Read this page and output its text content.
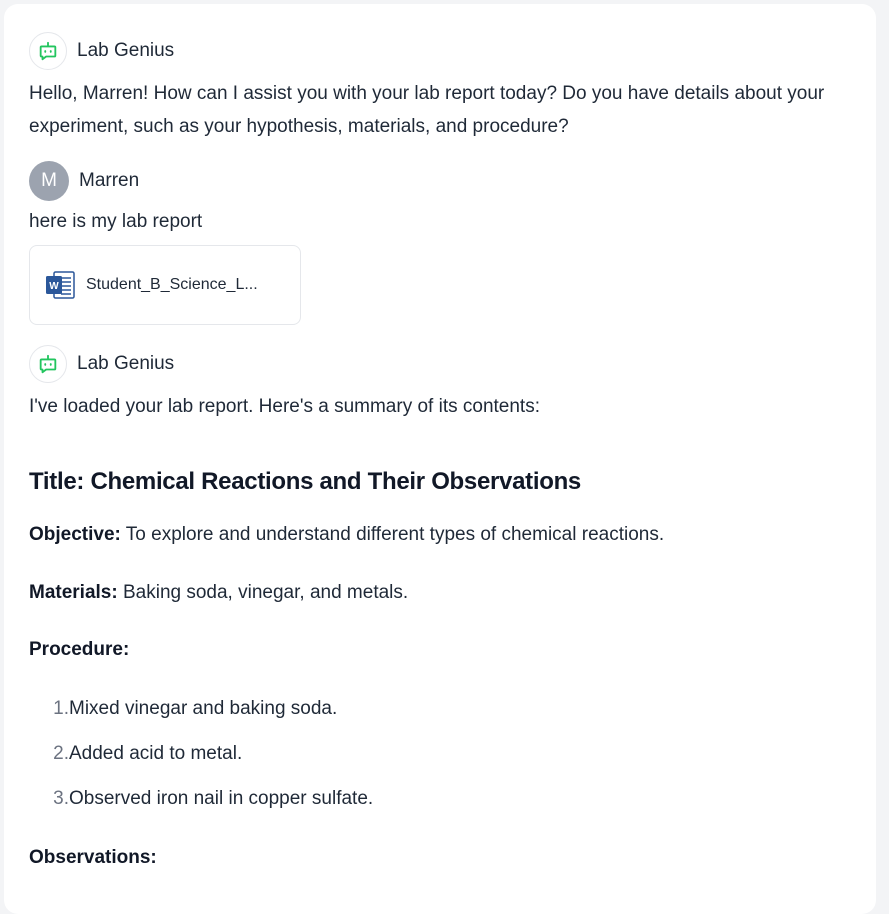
Lab Genius
Hello, Marren! How can I assist you with your lab report today? Do you have details about your experiment, such as your hypothesis, materials, and procedure?
M	Marren
here is my lab report
W Student_B_Science_L...
Lab Genius
I've loaded your lab report. Here's a summary of its contents:
Title: Chemical Reactions and Their Observations
Objective: To explore and understand different types of chemical reactions.
Materials: Baking soda, vinegar, and metals.
Procedure:
1. Mixed vinegar and baking soda.
2. Added acid to metal.
3. Observed iron nail in copper sulfate.
Observations:
